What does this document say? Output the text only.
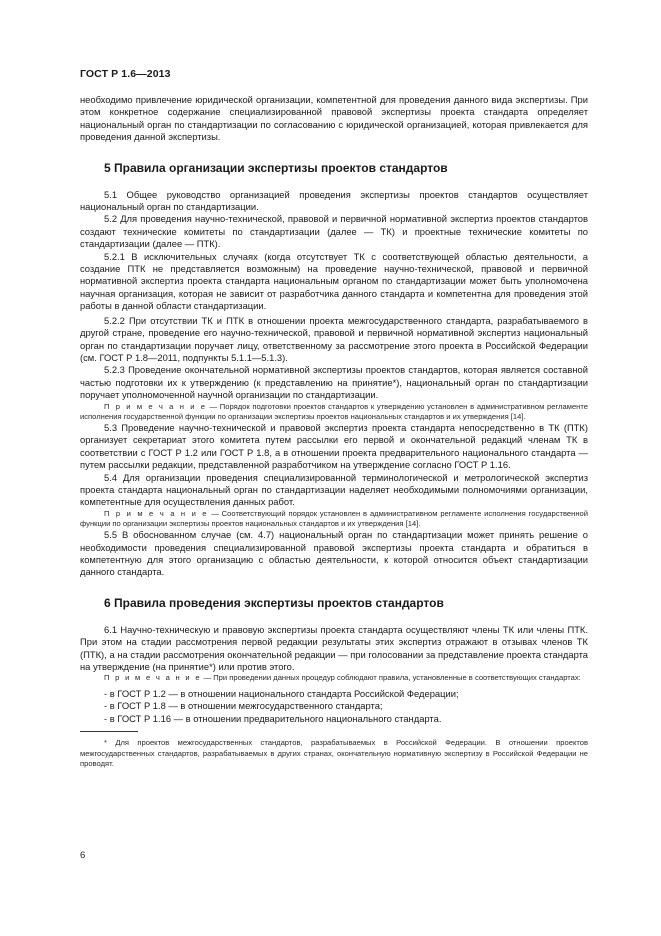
ГОСТ Р 1.6—2013

необходимо привлечение юридической организации, компетентной для проведения данного вида экспертизы. При этом конкретное содержание специализированной правовой экспертизы проекта стандарта определяет национальный орган по стандартизации по согласованию с юридической организацией, которая привлекается для проведения данной экспертизы.

5 Правила организации экспертизы проектов стандартов

5.1 Общее руководство организацией проведения экспертизы проектов стандартов осуществляет национальный орган по стандартизации.

5.2 Для проведения научно-технической, правовой и первичной нормативной экспертиз проектов стандартов создают технические комитеты по стандартизации (далее — ТК) и проектные технические комитеты по стандартизации (далее — ПТК).

5.2.1 В исключительных случаях (когда отсутствует ТК с соответствующей областью деятельности, а создание ПТК не представляется возможным) на проведение научно-технической, правовой и первичной нормативной экспертиз проекта стандарта национальным органом по стандартизации может быть уполномочена научная организация, которая не зависит от разработчика данного стандарта и компетентна для проведения этой работы в данной области стандартизации.

5.2.2 При отсутствии ТК и ПТК в отношении проекта межгосударственного стандарта, разрабатываемого в другой стране, проведение его научно-технической, правовой и первичной нормативной экспертиз национальный орган по стандартизации поручает лицу, ответственному за рассмотрение этого проекта в Российской Федерации (см. ГОСТ Р 1.8—2011, подпункты 5.1.1—5.1.3).

5.2.3 Проведение окончательной нормативной экспертизы проектов стандартов, которая является составной частью подготовки их к утверждению (к представлению на принятие*), национальный орган по стандартизации поручает уполномоченной научной организации по стандартизации.

П р и м е ч а н и е — Порядок подготовки проектов стандартов к утверждению установлен в административном регламенте исполнения государственной функции по организации экспертизы проектов национальных стандартов и их утверждения [14].

5.3 Проведение научно-технической и правовой экспертиз проекта стандарта непосредственно в ТК (ПТК) организует секретариат этого комитета путем рассылки его первой и окончательной редакций членам ТК в соответствии с ГОСТ Р 1.2 или ГОСТ Р 1.8, а в отношении проекта предварительного национального стандарта — путем рассылки редакции, представленной разработчиком на утверждение согласно ГОСТ Р 1.16.

5.4 Для организации проведения специализированной терминологической и метрологической экспертиз проекта стандарта национальный орган по стандартизации наделяет необходимыми полномочиями организации, компетентные для осуществления данных работ.

П р и м е ч а н и е — Соответствующий порядок установлен в административном регламенте исполнения государственной функции по организации экспертизы проектов национальных стандартов и их утверждения [14].

5.5 В обоснованном случае (см. 4.7) национальный орган по стандартизации может принять решение о необходимости проведения специализированной правовой экспертизы проекта стандарта и обратиться в компетентную для этого организацию с областью деятельности, к которой относится объект стандартизации данного стандарта.

6 Правила проведения экспертизы проектов стандартов

6.1 Научно-техническую и правовую экспертизы проекта стандарта осуществляют члены ТК или члены ПТК. При этом на стадии рассмотрения первой редакции результаты этих экспертиз отражают в отзывах членов ТК (ПТК), а на стадии рассмотрения окончательной редакции — при голосовании за представление проекта стандарта на утверждение (на принятие*) или против этого.

П р и м е ч а н и е — При проведении данных процедур соблюдают правила, установленные в соответствующих стандартах:

- в ГОСТ Р 1.2 — в отношении национального стандарта Российской Федерации;
- в ГОСТ Р 1.8 — в отношении межгосударственного стандарта;
- в ГОСТ Р 1.16 — в отношении предварительного национального стандарта.

* Для проектов межгосударственных стандартов, разрабатываемых в Российской Федерации. В отношении проектов межгосударственных стандартов, разрабатываемых в других странах, окончательную нормативную экспертизу в Российской Федерации не проводят.

6
